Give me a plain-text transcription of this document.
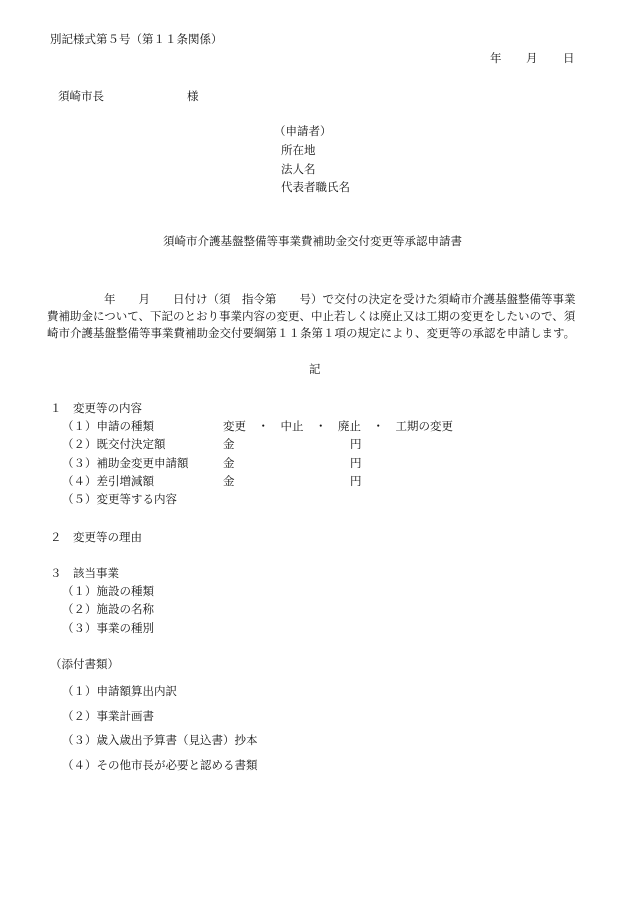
別記様式第５号（第１１条関係）
年 月 日
須崎市長	様
（申請者）
所在地
法人名
代表者職氏名
須崎市介護基盤整備等事業費補助金交付変更等承認申請書
年　　月　　日付け（須　指令第　　号）で交付の決定を受けた須崎市介護基盤整備等事業
費補助金について、下記のとおり事業内容の変更、中止若しくは廃止又は工期の変更をしたいので、須
崎市介護基盤整備等事業費補助金交付要綱第１１条第１項の規定により、変更等の承認を申請します。
記
１　変更等の内容
（１）申請の種類	変更　・　中止　・　廃止　・　工期の変更
（２）既交付決定額	金	円
（３）補助金変更申請額	金	円
（４）差引増減額	金	円
（５）変更等する内容
２　変更等の理由
３　該当事業
（１）施設の種類
（２）施設の名称
（３）事業の種別
（添付書類）
（１）申請額算出内訳
（２）事業計画書
（３）歳入歳出予算書（見込書）抄本
（４）その他市長が必要と認める書類
